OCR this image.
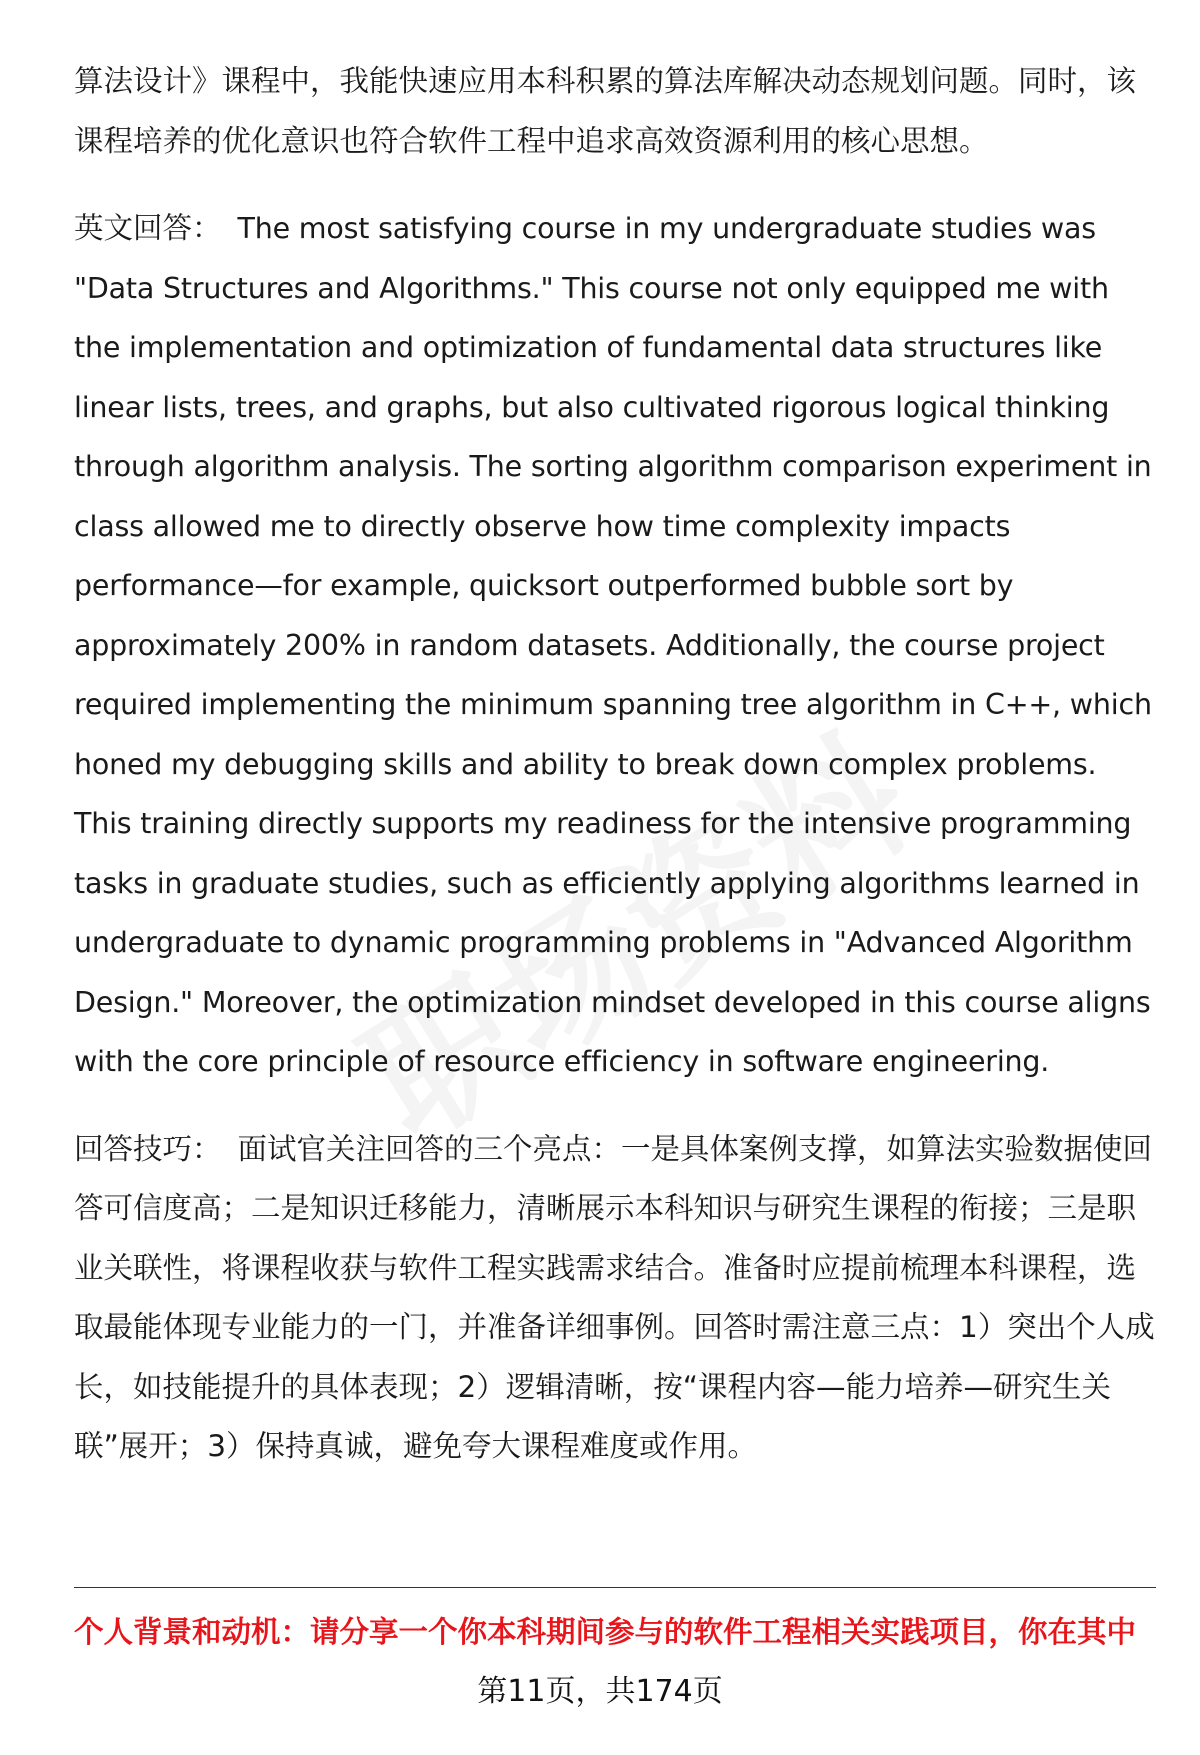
算法设计》课程中，我能快速应用本科积累的算法库解决动态规划问题。同时，该课程培养的优化意识也符合软件工程中追求高效资源利用的核心思想。

英文回答： The most satisfying course in my undergraduate studies was "Data Structures and Algorithms." This course not only equipped me with the implementation and optimization of fundamental data structures like linear lists, trees, and graphs, but also cultivated rigorous logical thinking through algorithm analysis. The sorting algorithm comparison experiment in class allowed me to directly observe how time complexity impacts performance—for example, quicksort outperformed bubble sort by approximately 200% in random datasets. Additionally, the course project required implementing the minimum spanning tree algorithm in C++, which honed my debugging skills and ability to break down complex problems. This training directly supports my readiness for the intensive programming tasks in graduate studies, such as efficiently applying algorithms learned in undergraduate to dynamic programming problems in "Advanced Algorithm Design." Moreover, the optimization mindset developed in this course aligns with the core principle of resource efficiency in software engineering.

回答技巧： 面试官关注回答的三个亮点：一是具体案例支撑，如算法实验数据使回答可信度高；二是知识迁移能力，清晰展示本科知识与研究生课程的衔接；三是职业关联性，将课程收获与软件工程实践需求结合。准备时应提前梳理本科课程，选取最能体现专业能力的一门，并准备详细事例。回答时需注意三点：1）突出个人成长，如技能提升的具体表现；2）逻辑清晰，按“课程内容—能力培养—研究生关联”展开；3）保持真诚，避免夸大课程难度或作用。

个人背景和动机：请分享一个你本科期间参与的软件工程相关实践项目，你在其中
第11页，共174页
